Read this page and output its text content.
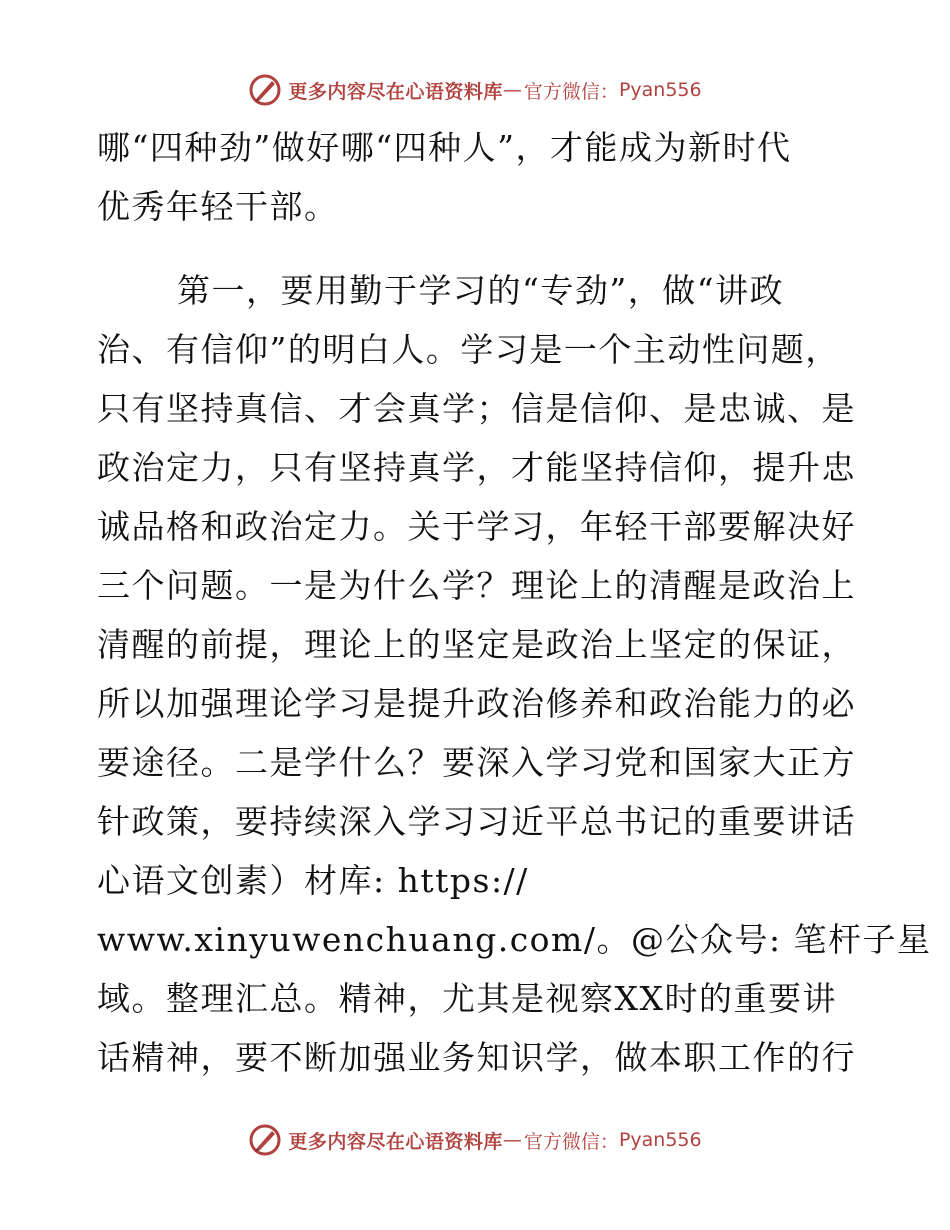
更多内容尽在心语资料库 — 官方微信： Pyan556
哪“四种劲”做好哪“四种人”，才能成为新时代
优秀年轻干部。
第一，要用勤于学习的“专劲”，做“讲政
治、有信仰”的明白人。学习是一个主动性问题，
只有坚持真信、才会真学；信是信仰、是忠诚、是
政治定力，只有坚持真学，才能坚持信仰，提升忠
诚品格和政治定力。关于学习，年轻干部要解决好
三个问题。一是为什么学？理论上的清醒是政治上
清醒的前提，理论上的坚定是政治上坚定的保证，
所以加强理论学习是提升政治修养和政治能力的必
要途径。二是学什么？要深入学习党和国家大正方
针政策，要持续深入学习习近平总书记的重要讲话
心语文创素）材库: https://
www.xinyuwenchuang.com/。@公众号: 笔杆子星
域。整理汇总。精神，尤其是视察XX时的重要讲
话精神，要不断加强业务知识学，做本职工作的行
更多内容尽在心语资料库 — 官方微信： Pyan556
